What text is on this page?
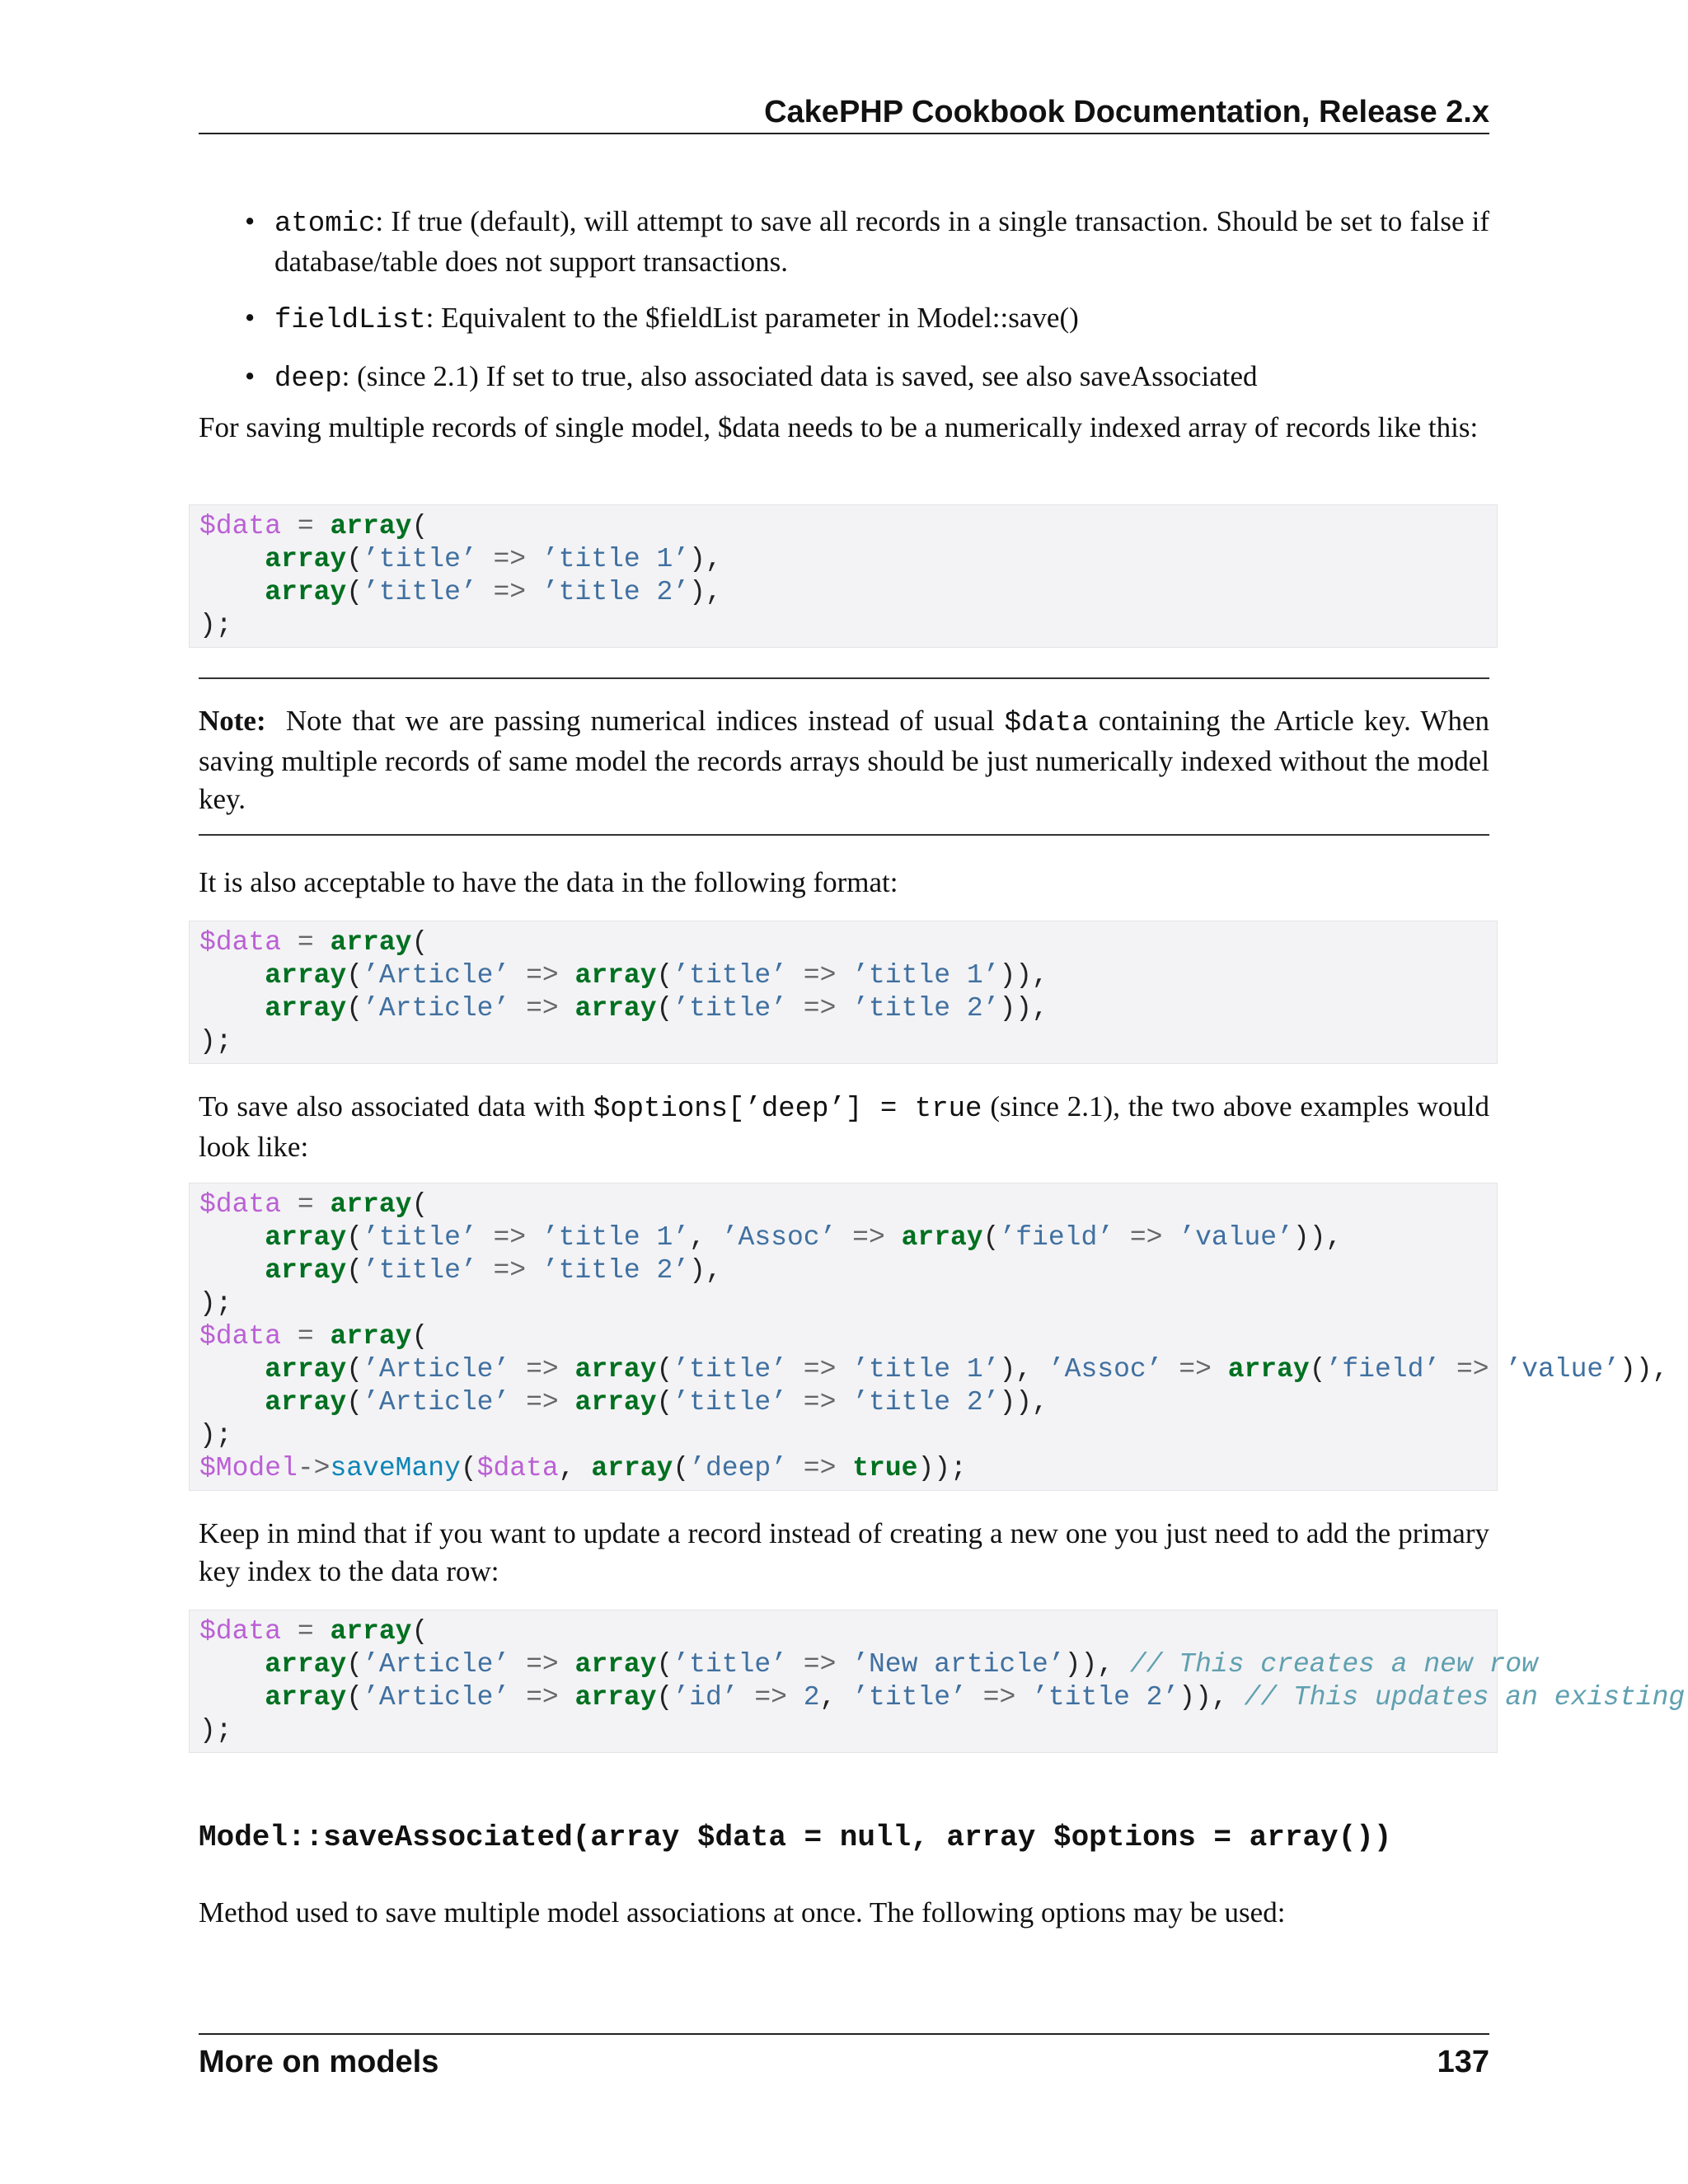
CakePHP Cookbook Documentation, Release 2.x
• atomic: If true (default), will attempt to save all records in a single transaction. Should be set to false if database/table does not support transactions.
• fieldList: Equivalent to the $fieldList parameter in Model::save()
• deep: (since 2.1) If set to true, also associated data is saved, see also saveAssociated
For saving multiple records of single model, $data needs to be a numerically indexed array of records like this:
$data = array(
array(’title’ => ’title 1’),
array(’title’ => ’title 2’),
);
Note: Note that we are passing numerical indices instead of usual $data containing the Article key. When saving multiple records of same model the records arrays should be just numerically indexed without the model key.
It is also acceptable to have the data in the following format:
$data = array(
array(’Article’ => array(’title’ => ’title 1’)),
array(’Article’ => array(’title’ => ’title 2’)),
);
To save also associated data with $options[’deep’] = true (since 2.1), the two above examples would look like:
$data = array(
array(’title’ => ’title 1’, ’Assoc’ => array(’field’ => ’value’)),
array(’title’ => ’title 2’),
);
$data = array(
array(’Article’ => array(’title’ => ’title 1’), ’Assoc’ => array(’field’ => ’value’)),
array(’Article’ => array(’title’ => ’title 2’)),
);
$Model->saveMany($data, array(’deep’ => true));
Keep in mind that if you want to update a record instead of creating a new one you just need to add the primary key index to the data row:
$data = array(
array(’Article’ => array(’title’ => ’New article’)), // This creates a new row
array(’Article’ => array(’id’ => 2, ’title’ => ’title 2’)), // This updates an existing
);
Model::saveAssociated(array $data = null, array $options = array())
Method used to save multiple model associations at once. The following options may be used:
More on models	137
